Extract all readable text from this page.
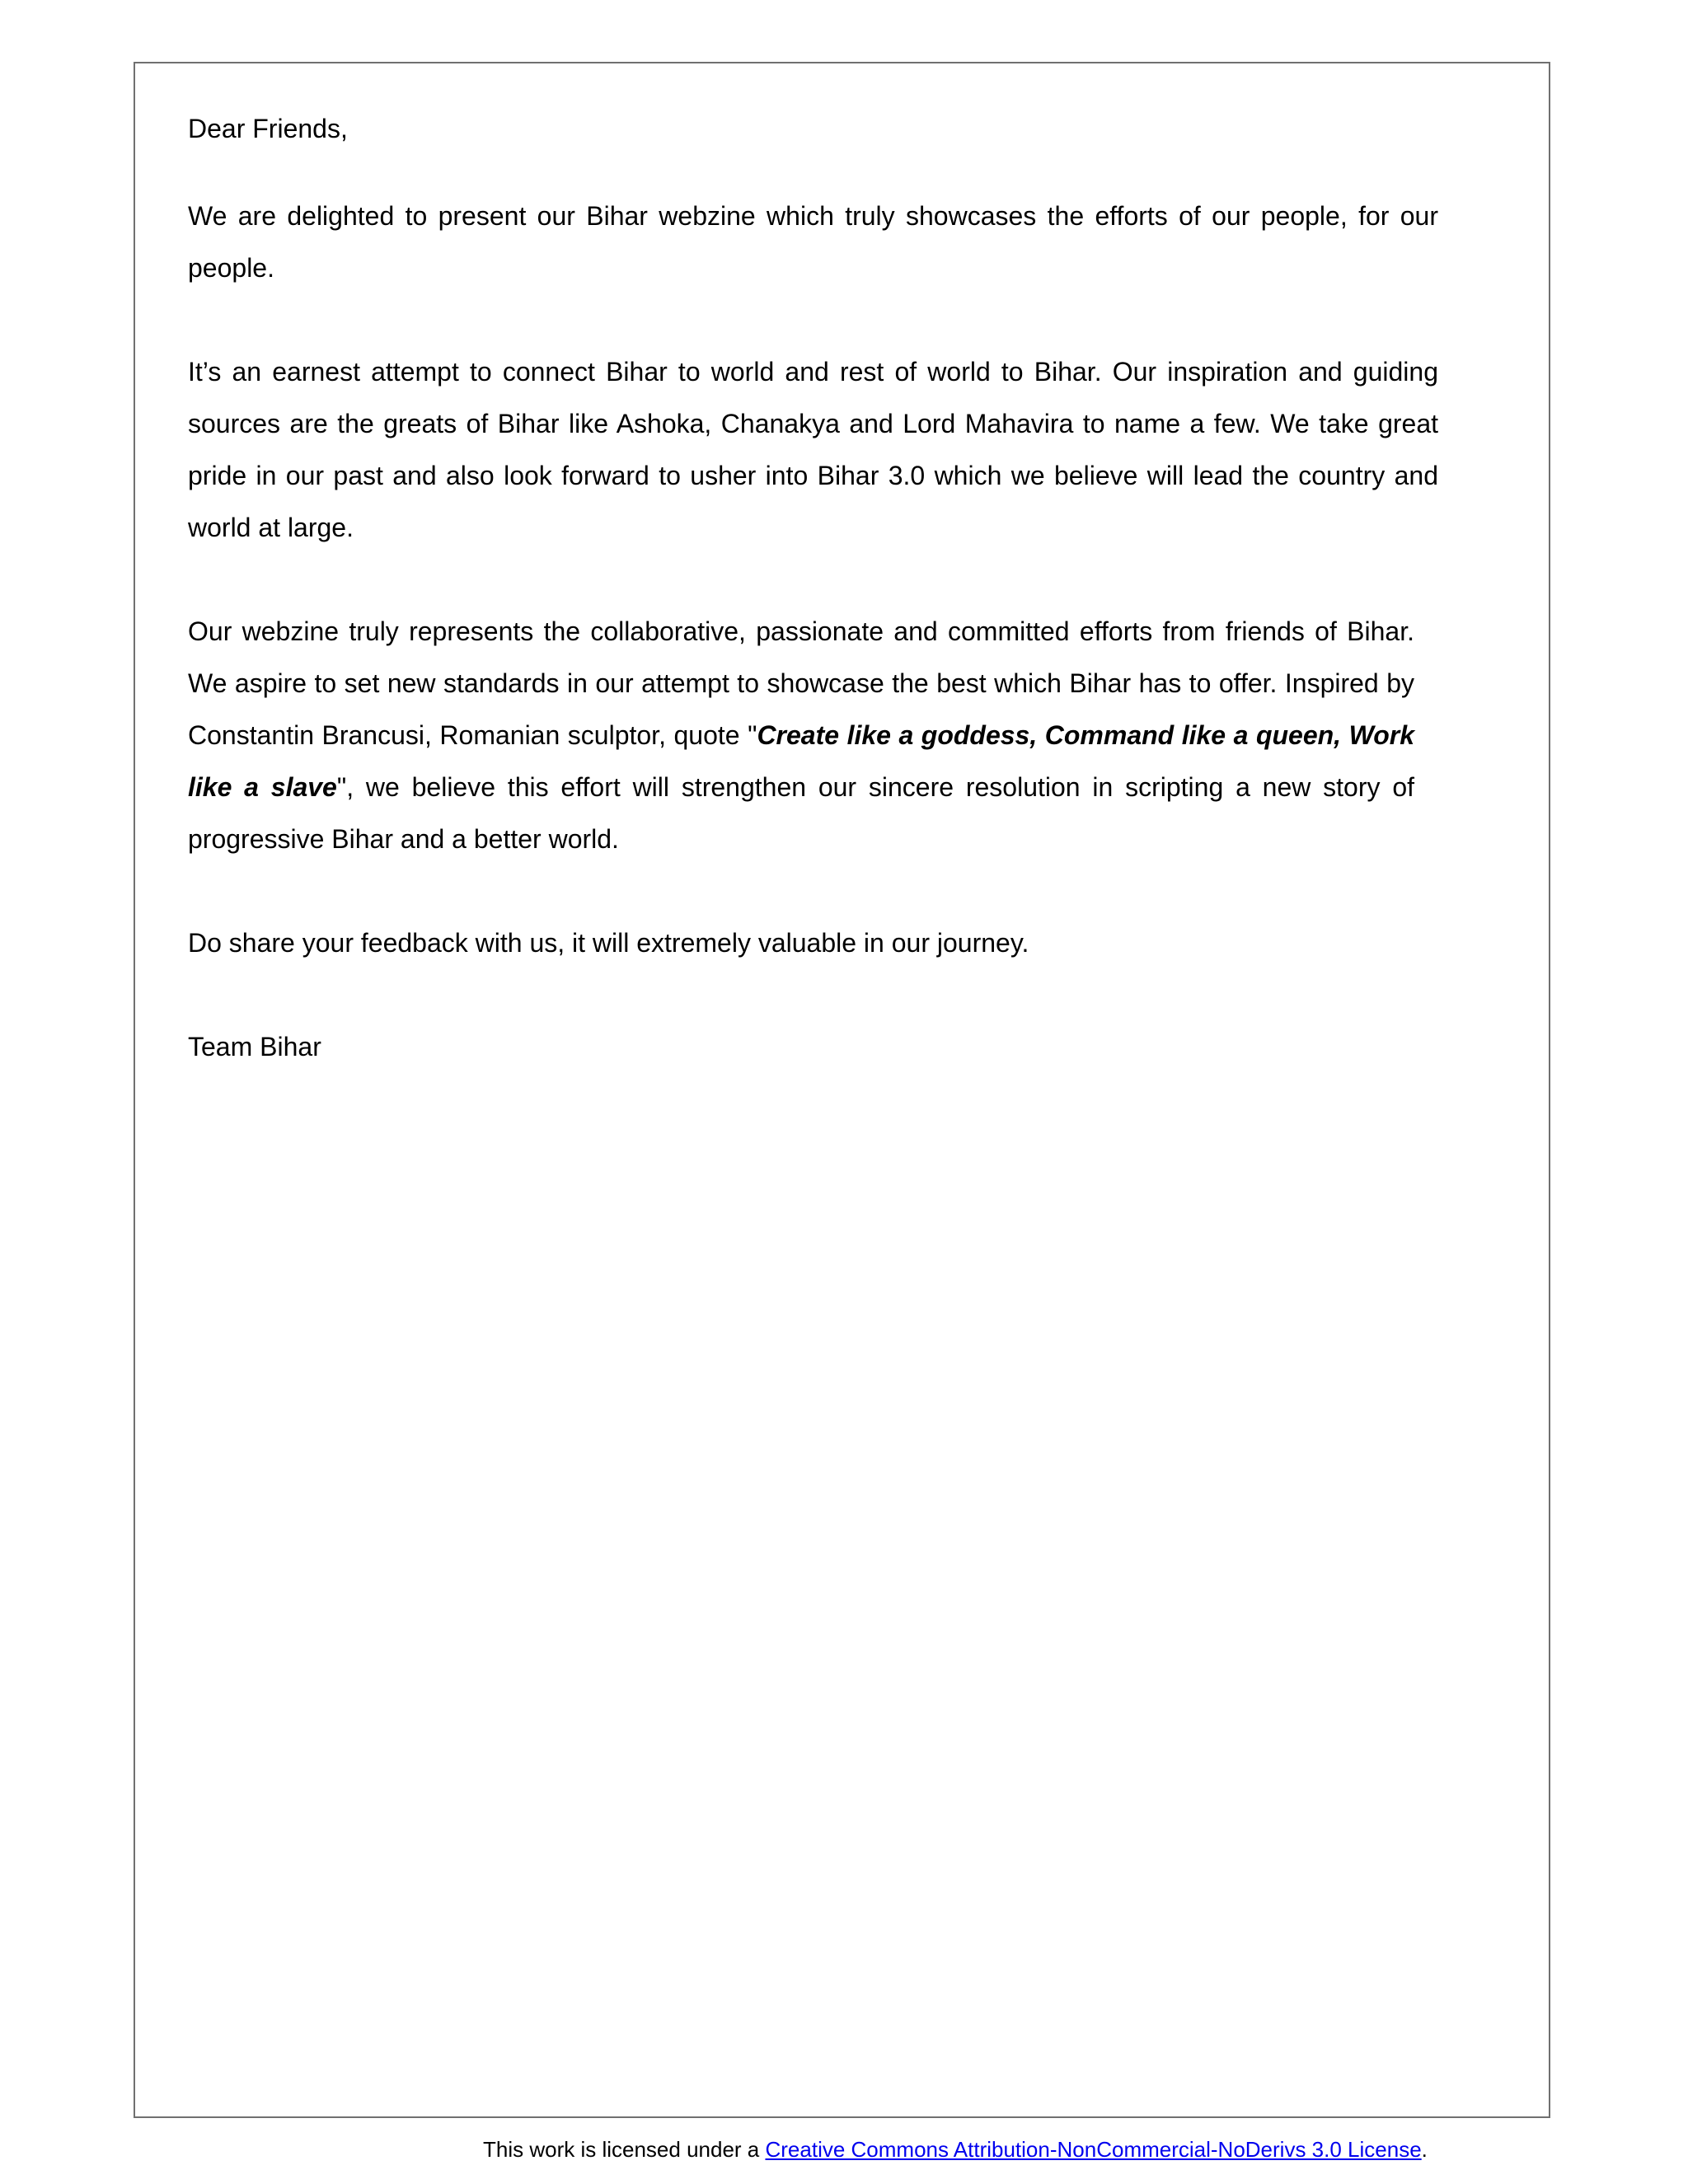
Dear Friends,

We are delighted to present our Bihar webzine which truly showcases the efforts of our people, for our people.

It’s an earnest attempt to connect Bihar to world and rest of world to Bihar. Our inspiration and guiding sources are the greats of Bihar like Ashoka, Chanakya and Lord Mahavira to name a few. We take great pride in our past and also look forward to usher into Bihar 3.0 which we believe will lead the country and world at large.

Our webzine truly represents the collaborative, passionate and committed efforts from friends of Bihar. We aspire to set new standards in our attempt to showcase the best which Bihar has to offer. Inspired by Constantin Brancusi, Romanian sculptor, quote "Create like a goddess, Command like a queen, Work like a slave", we believe this effort will strengthen our sincere resolution in scripting a new story of progressive Bihar and a better world.

Do share your feedback with us, it will extremely valuable in our journey.

Team Bihar

This work is licensed under a Creative Commons Attribution-NonCommercial-NoDerivs 3.0 License.
